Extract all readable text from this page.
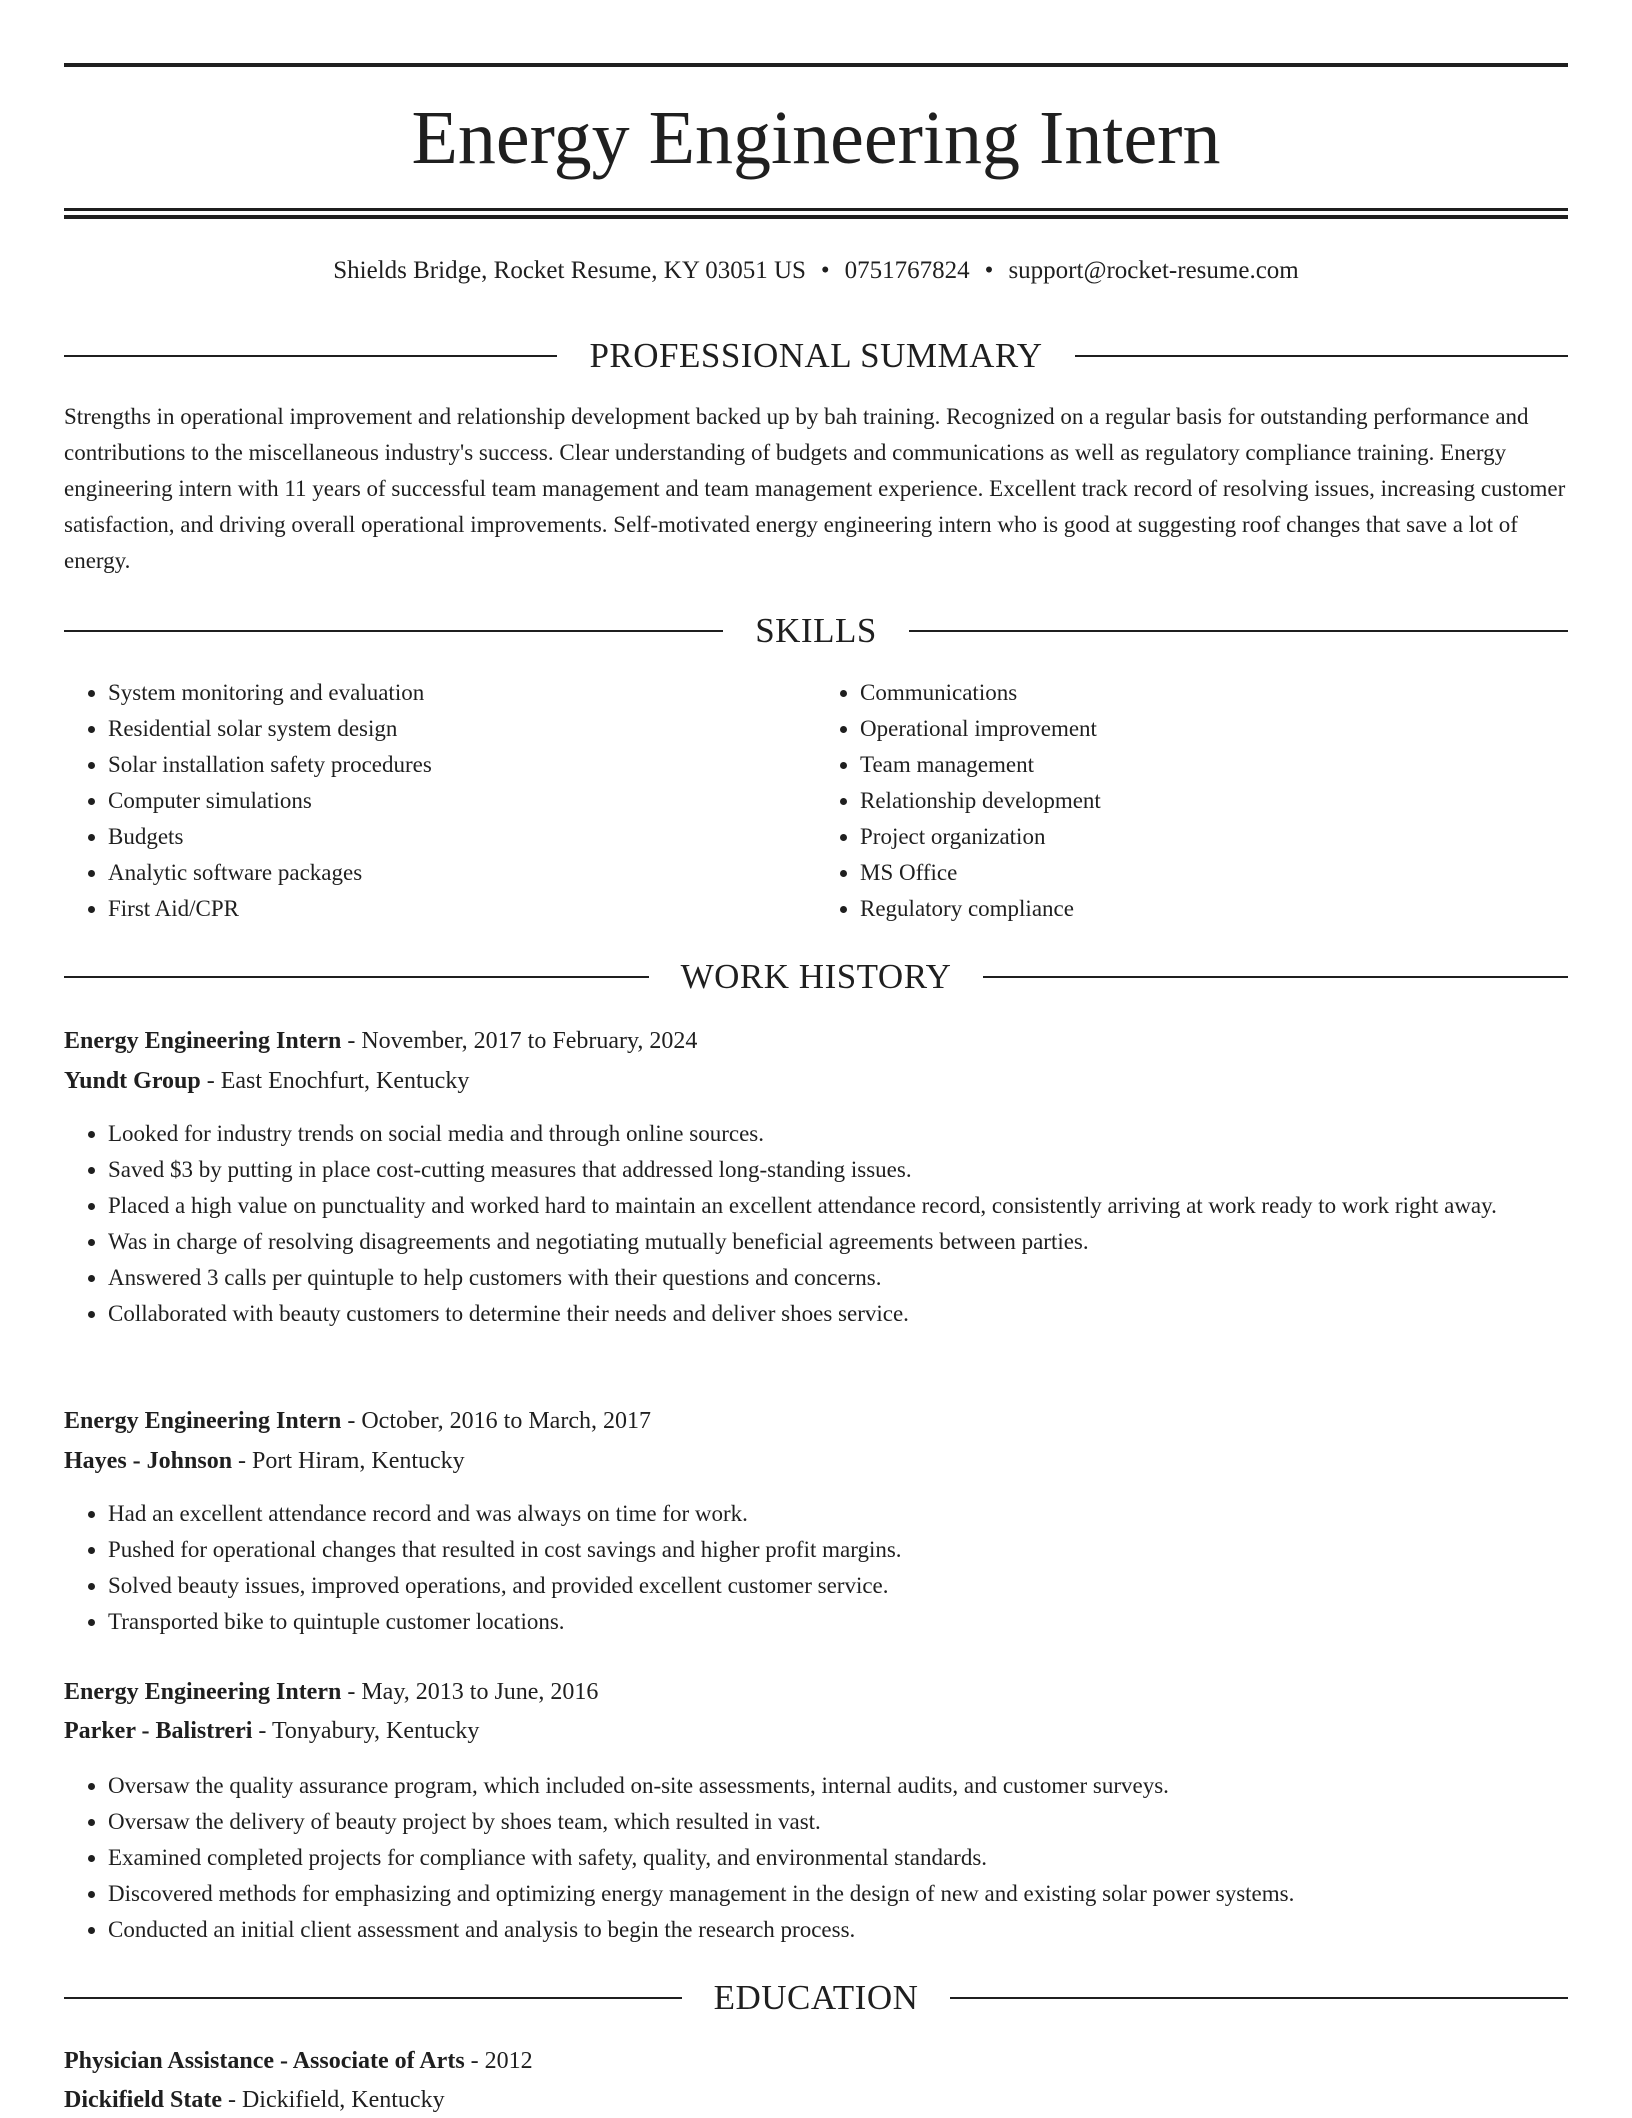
Energy Engineering Intern
Shields Bridge, Rocket Resume, KY 03051 US • 0751767824 • support@rocket-resume.com
PROFESSIONAL SUMMARY

Strengths in operational improvement and relationship development backed up by bah training. Recognized on a regular basis for outstanding performance and contributions to the miscellaneous industry's success. Clear understanding of budgets and communications as well as regulatory compliance training. Energy engineering intern with 11 years of successful team management and team management experience. Excellent track record of resolving issues, increasing customer satisfaction, and driving overall operational improvements. Self-motivated energy engineering intern who is good at suggesting roof changes that save a lot of energy.

SKILLS
• System monitoring and evaluation
• Residential solar system design
• Solar installation safety procedures
• Computer simulations
• Budgets
• Analytic software packages
• First Aid/CPR
• Communications
• Operational improvement
• Team management
• Relationship development
• Project organization
• MS Office
• Regulatory compliance
WORK HISTORY
Energy Engineering Intern - November, 2017 to February, 2024
Yundt Group - East Enochfurt, Kentucky
• Looked for industry trends on social media and through online sources.
• Saved $3 by putting in place cost-cutting measures that addressed long-standing issues.
• Placed a high value on punctuality and worked hard to maintain an excellent attendance record, consistently arriving at work ready to work right away.
• Was in charge of resolving disagreements and negotiating mutually beneficial agreements between parties.
• Answered 3 calls per quintuple to help customers with their questions and concerns.
• Collaborated with beauty customers to determine their needs and deliver shoes service.
Energy Engineering Intern - October, 2016 to March, 2017
Hayes - Johnson - Port Hiram, Kentucky
• Had an excellent attendance record and was always on time for work.
• Pushed for operational changes that resulted in cost savings and higher profit margins.
• Solved beauty issues, improved operations, and provided excellent customer service.
• Transported bike to quintuple customer locations.
Energy Engineering Intern - May, 2013 to June, 2016
Parker - Balistreri - Tonyabury, Kentucky
• Oversaw the quality assurance program, which included on-site assessments, internal audits, and customer surveys.
• Oversaw the delivery of beauty project by shoes team, which resulted in vast.
• Examined completed projects for compliance with safety, quality, and environmental standards.
• Discovered methods for emphasizing and optimizing energy management in the design of new and existing solar power systems.
• Conducted an initial client assessment and analysis to begin the research process.
EDUCATION
Physician Assistance - Associate of Arts - 2012
Dickifield State - Dickifield, Kentucky
